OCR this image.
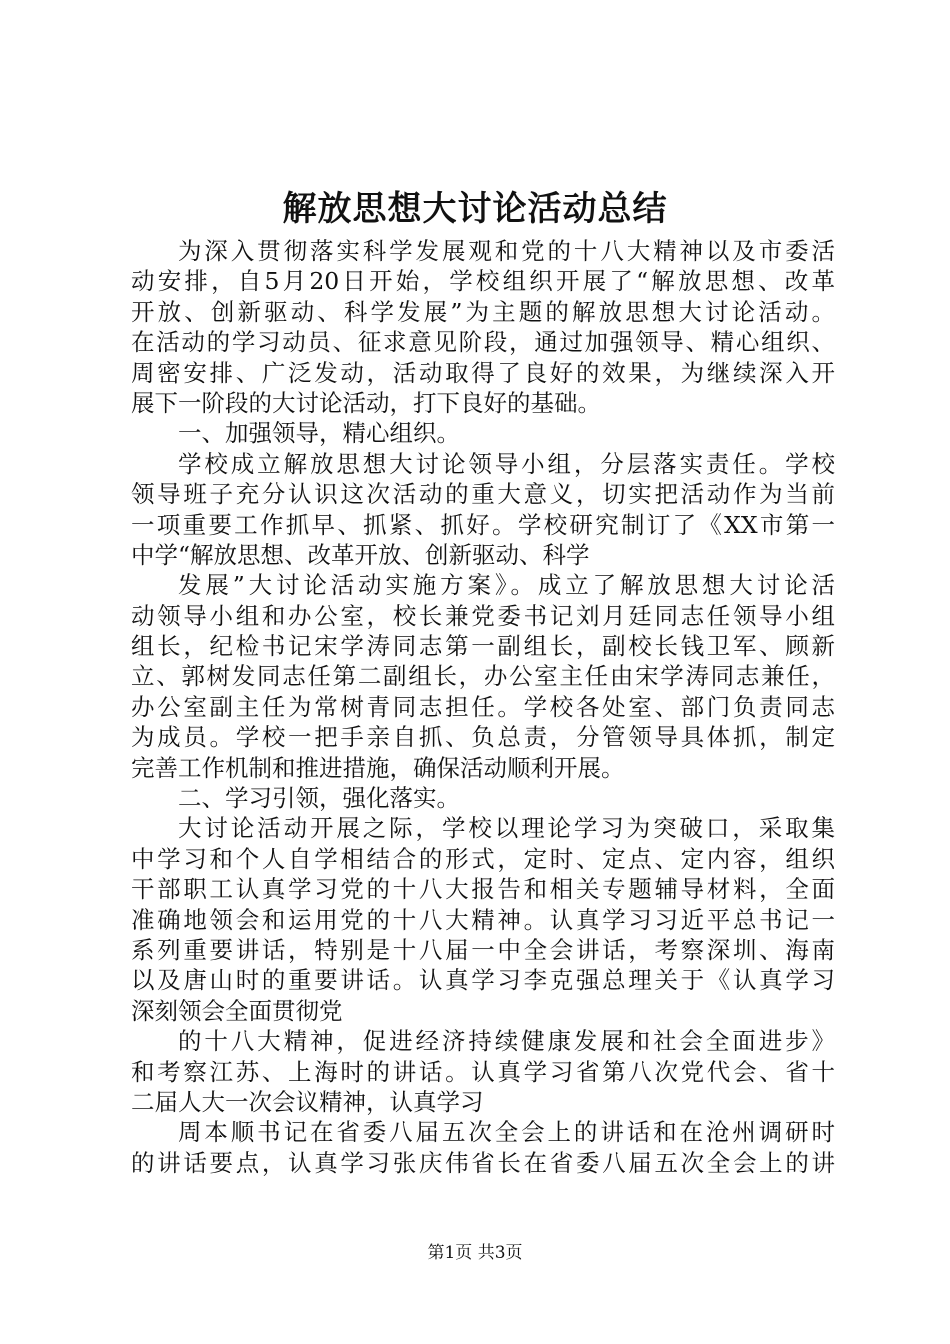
解放思想大讨论活动总结
为深入贯彻落实科学发展观和党的十八大精神以及市委活
动安排，自5月20日开始，学校组织开展了“解放思想、改革
开放、创新驱动、科学发展”为主题的解放思想大讨论活动。
在活动的学习动员、征求意见阶段，通过加强领导、精心组织、
周密安排、广泛发动，活动取得了良好的效果，为继续深入开
展下一阶段的大讨论活动，打下良好的基础。
一、加强领导，精心组织。
学校成立解放思想大讨论领导小组，分层落实责任。学校
领导班子充分认识这次活动的重大意义，切实把活动作为当前
一项重要工作抓早、抓紧、抓好。学校研究制订了《XX市第一
中学“解放思想、改革开放、创新驱动、科学
发展”大讨论活动实施方案》。成立了解放思想大讨论活
动领导小组和办公室，校长兼党委书记刘月廷同志任领导小组
组长，纪检书记宋学涛同志第一副组长，副校长钱卫军、顾新
立、郭树发同志任第二副组长，办公室主任由宋学涛同志兼任，
办公室副主任为常树青同志担任。学校各处室、部门负责同志
为成员。学校一把手亲自抓、负总责，分管领导具体抓，制定
完善工作机制和推进措施，确保活动顺利开展。
二、学习引领，强化落实。
大讨论活动开展之际，学校以理论学习为突破口，采取集
中学习和个人自学相结合的形式，定时、定点、定内容，组织
干部职工认真学习党的十八大报告和相关专题辅导材料，全面
准确地领会和运用党的十八大精神。认真学习习近平总书记一
系列重要讲话，特别是十八届一中全会讲话，考察深圳、海南
以及唐山时的重要讲话。认真学习李克强总理关于《认真学习
深刻领会全面贯彻党
的十八大精神，促进经济持续健康发展和社会全面进步》
和考察江苏、上海时的讲话。认真学习省第八次党代会、省十
二届人大一次会议精神，认真学习
周本顺书记在省委八届五次全会上的讲话和在沧州调研时
的讲话要点，认真学习张庆伟省长在省委八届五次全会上的讲
第1页 共3页
